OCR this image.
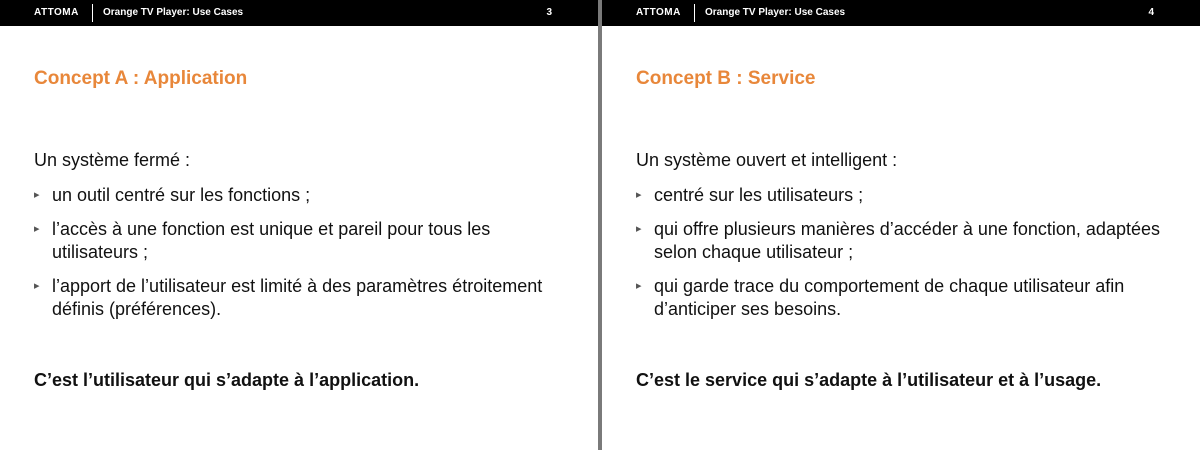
ATTOMA Orange TV Player: Use Cases	3
Concept A : Application
Un système fermé :
▸ un outil centré sur les fonctions ;
▸ l’accès à une fonction est unique et pareil pour tous les utilisateurs ;
▸ l’apport de l’utilisateur est limité à des paramètres étroitement définis (préférences).
C’est l’utilisateur qui s’adapte à l’application.
ATTOMA Orange TV Player: Use Cases	4
Concept B : Service
Un système ouvert et intelligent :
▸ centré sur les utilisateurs ;
▸ qui offre plusieurs manières d’accéder à une fonction, adaptées selon chaque utilisateur ;
▸ qui garde trace du comportement de chaque utilisateur afin d’anticiper ses besoins.
C’est le service qui s’adapte à l’utilisateur et à l’usage.
